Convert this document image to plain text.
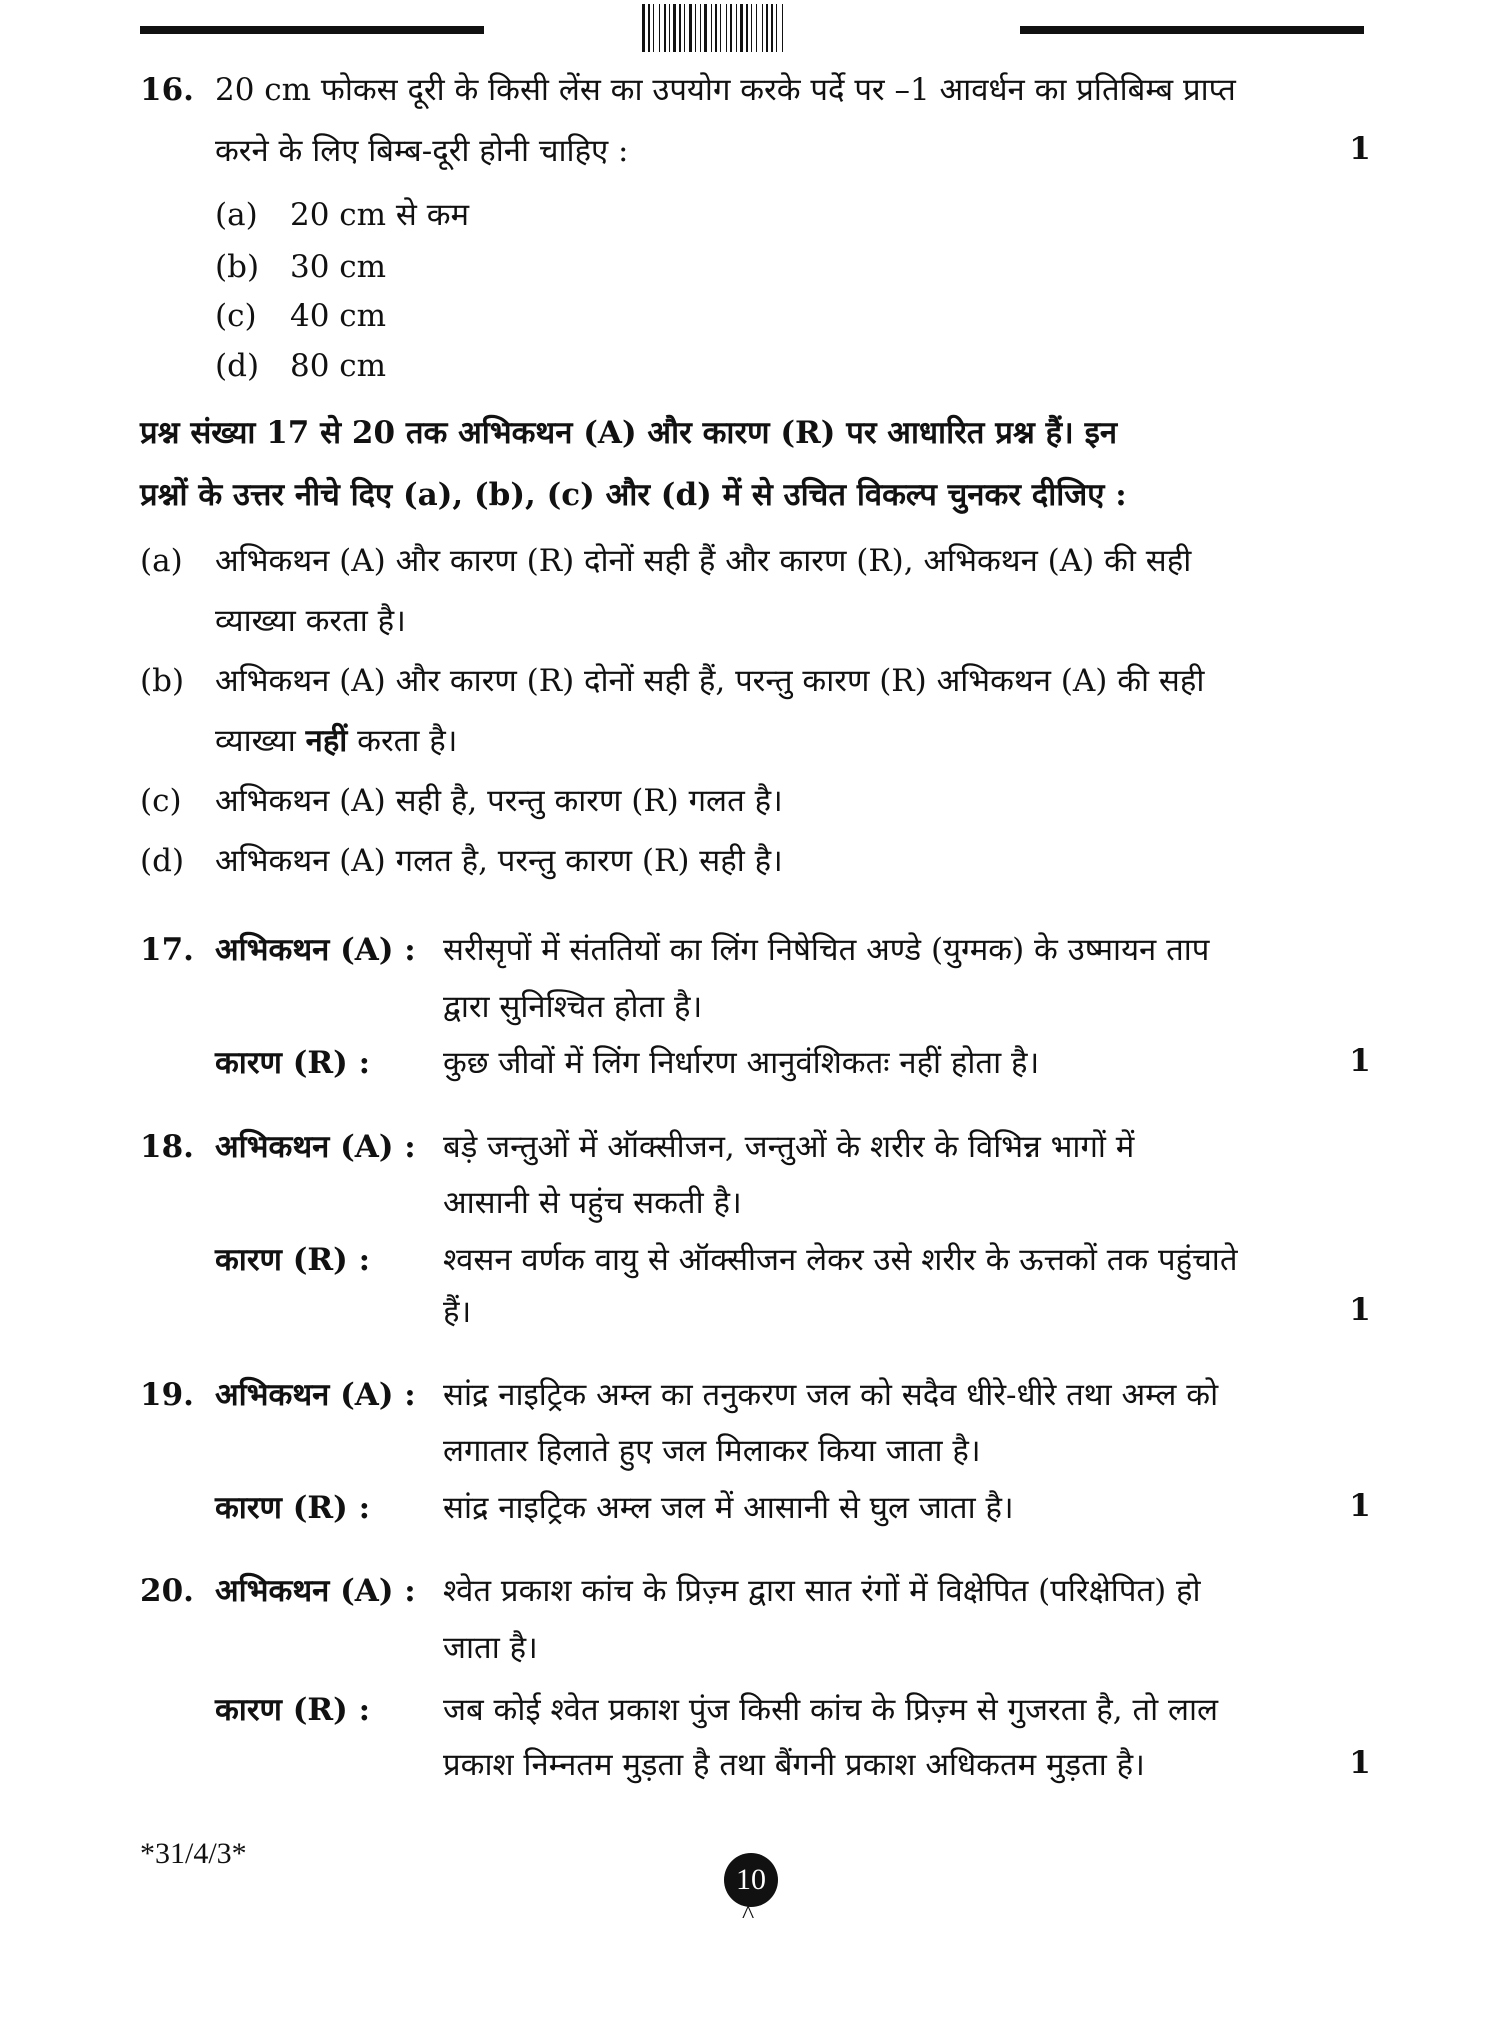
16. 20 cm फोकस दूरी के किसी लेंस का उपयोग करके पर्दे पर –1 आवर्धन का प्रतिबिम्ब प्राप्त
करने के लिए बिम्ब-दूरी होनी चाहिए :	1
(a) 20 cm से कम
(b) 30 cm
(c) 40 cm
(d) 80 cm
प्रश्न संख्या 17 से 20 तक अभिकथन (A) और कारण (R) पर आधारित प्रश्न हैं। इन
प्रश्नों के उत्तर नीचे दिए (a), (b), (c) और (d) में से उचित विकल्प चुनकर दीजिए :
(a) अभिकथन (A) और कारण (R) दोनों सही हैं और कारण (R), अभिकथन (A) की सही
व्याख्या करता है।
(b) अभिकथन (A) और कारण (R) दोनों सही हैं, परन्तु कारण (R) अभिकथन (A) की सही
व्याख्या नहीं करता है।
(c) अभिकथन (A) सही है, परन्तु कारण (R) गलत है।
(d) अभिकथन (A) गलत है, परन्तु कारण (R) सही है।
17. अभिकथन (A) : सरीसृपों में संततियों का लिंग निषेचित अण्डे (युग्मक) के उष्मायन ताप
द्वारा सुनिश्चित होता है।
कारण (R) : कुछ जीवों में लिंग निर्धारण आनुवंशिकतः नहीं होता है।	1
18. अभिकथन (A) : बड़े जन्तुओं में ऑक्सीजन, जन्तुओं के शरीर के विभिन्न भागों में
आसानी से पहुंच सकती है।
कारण (R) : श्वसन वर्णक वायु से ऑक्सीजन लेकर उसे शरीर के ऊत्तकों तक पहुंचाते
हैं।	1
19. अभिकथन (A) : सांद्र नाइट्रिक अम्ल का तनुकरण जल को सदैव धीरे-धीरे तथा अम्ल को
लगातार हिलाते हुए जल मिलाकर किया जाता है।
कारण (R) : सांद्र नाइट्रिक अम्ल जल में आसानी से घुल जाता है।	1
20. अभिकथन (A) : श्वेत प्रकाश कांच के प्रिज़्म द्वारा सात रंगों में विक्षेपित (परिक्षेपित) हो
जाता है।
कारण (R) : जब कोई श्वेत प्रकाश पुंज किसी कांच के प्रिज़्म से गुजरता है, तो लाल
प्रकाश निम्नतम मुड़ता है तथा बैंगनी प्रकाश अधिकतम मुड़ता है।	1
*31/4/3*
10
^
